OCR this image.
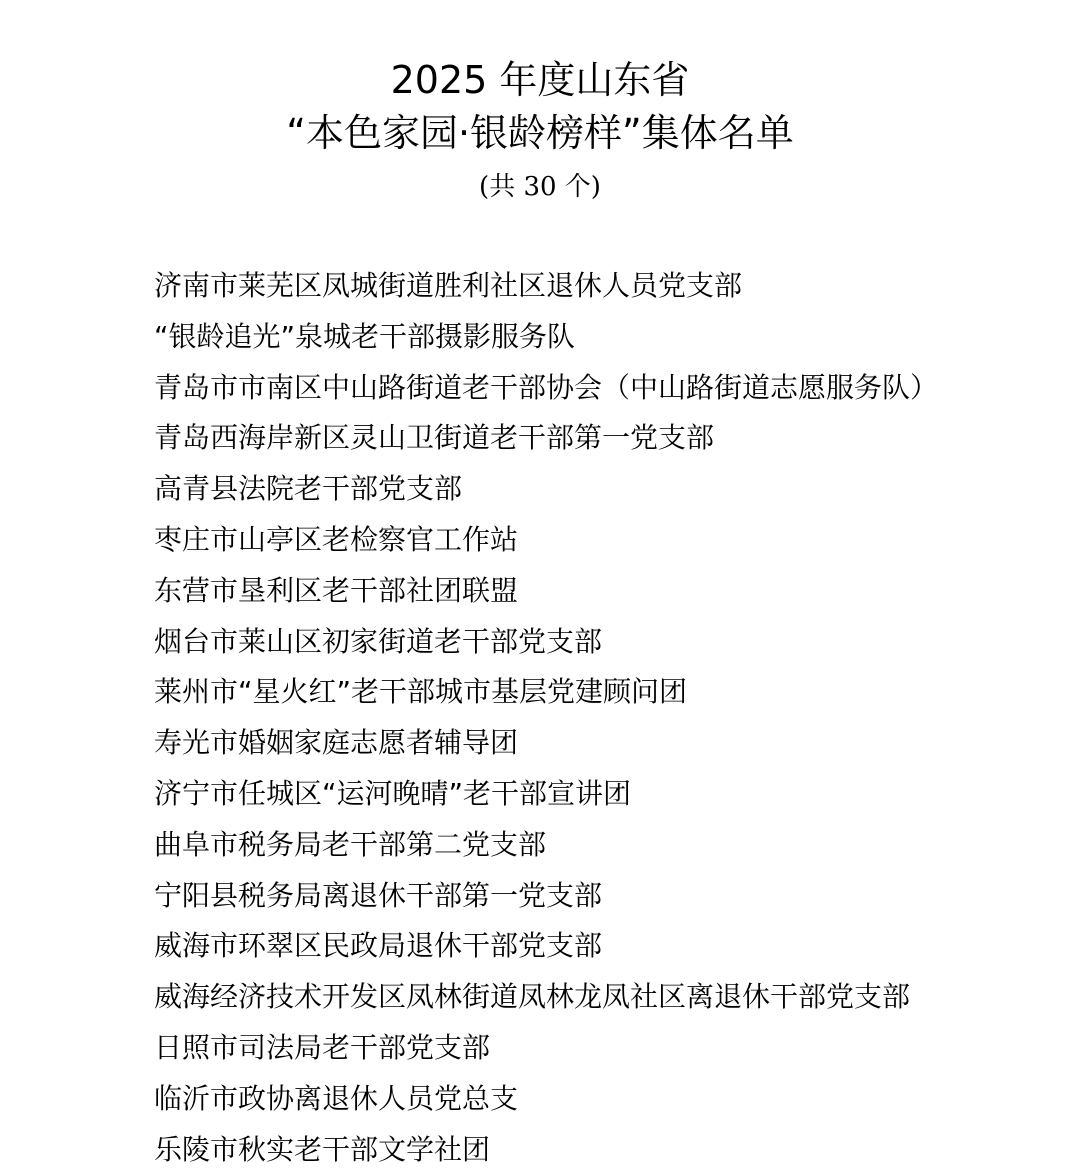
2025 年度山东省
“本色家园·银龄榜样”集体名单
(共 30 个)
济南市莱芜区凤城街道胜利社区退休人员党支部
“银龄追光”泉城老干部摄影服务队
青岛市市南区中山路街道老干部协会（中山路街道志愿服务队）
青岛西海岸新区灵山卫街道老干部第一党支部
高青县法院老干部党支部
枣庄市山亭区老检察官工作站
东营市垦利区老干部社团联盟
烟台市莱山区初家街道老干部党支部
莱州市“星火红”老干部城市基层党建顾问团
寿光市婚姻家庭志愿者辅导团
济宁市任城区“运河晚晴”老干部宣讲团
曲阜市税务局老干部第二党支部
宁阳县税务局离退休干部第一党支部
威海市环翠区民政局退休干部党支部
威海经济技术开发区凤林街道凤林龙凤社区离退休干部党支部
日照市司法局老干部党支部
临沂市政协离退休人员党总支
乐陵市秋实老干部文学社团
